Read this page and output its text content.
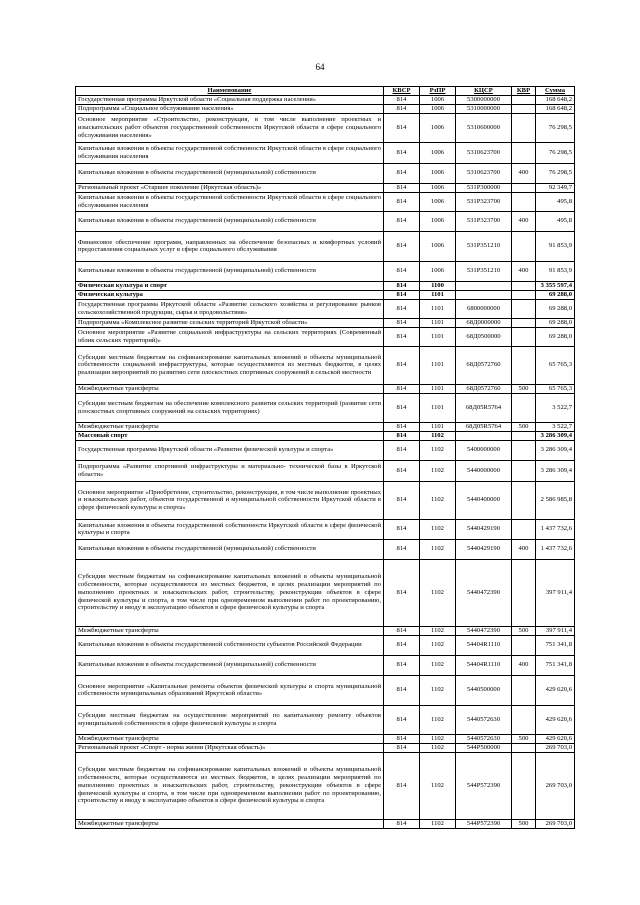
64
Наименование	КВСР	РзПР	КЦСР	КВР	Сумма
Государственная программа Иркутской области «Социальная поддержка населения»	814	1006	5300000000		168 648,2
Подпрограмма «Социальное обслуживание населения»	814	1006	5310000000		168 648,2
Основное мероприятие «Строительство, реконструкция, в том числе выполнение проектных и изыскательских работ объектов государственной собственности Иркутской области в сфере социального обслуживания населения»	814	1006	5310600000		76 298,5
Капитальные вложения в объекты государственной собственности Иркутской области в сфере социального обслуживания населения	814	1006	5310623700		76 298,5
Капитальные вложения в объекты государственной (муниципальной) собственности	814	1006	5310623700	400	76 298,5
Региональный проект «Старшее поколение (Иркутская область)»	814	1006	531P300000		92 349,7
Капитальные вложения в объекты государственной собственности Иркутской области в сфере социального обслуживания населения	814	1006	531P323700		495,8
Капитальные вложения в объекты государственной (муниципальной) собственности	814	1006	531P323700	400	495,8
Финансовое обеспечение программ, направленных на обеспечение безопасных и комфортных условий предоставления социальных услуг в сфере социального обслуживания	814	1006	531P351210		91 853,9
Капитальные вложения в объекты государственной (муниципальной) собственности	814	1006	531P351210	400	91 853,9
Физическая культура и спорт	814	1100			3 355 597,4
Физическая культура	814	1101			69 288,0
Государственная программа Иркутской области «Развитие сельского хозяйства и регулирование рынков сельскохозяйственной продукции, сырья и продовольствия»	814	1101	6800000000		69 288,0
Подпрограмма «Комплексное развитие сельских территорий Иркутской области»	814	1101	68Д0000000		69 288,0
Основное мероприятие «Развитие социальной инфраструктуры на сельских территориях (Современный облик сельских территорий)»	814	1101	68Д0500000		69 288,0
Субсидии местным бюджетам на софинансирование капитальных вложений в объекты муниципальной собственности социальной инфраструктуры, которые осуществляются из местных бюджетов, в целях реализации мероприятий по развитию сети плоскостных спортивных сооружений в сельской местности	814	1101	68Д0572760		65 765,3
Межбюджетные трансферты	814	1101	68Д0572760	500	65 765,3
Субсидии местным бюджетам на обеспечение комплексного развития сельских территорий (развитие сети плоскостных спортивных сооружений на сельских территориях)	814	1101	68Д05R5764		3 522,7
Межбюджетные трансферты	814	1101	68Д05R5764	500	3 522,7
Массовый спорт	814	1102			3 286 309,4
Государственная программа Иркутской области «Развитие физической культуры и спорта»	814	1102	5400000000		3 286 309,4
Подпрограмма «Развитие спортивной инфраструктуры и материально- технической базы в Иркутской области»	814	1102	5440000000		3 286 309,4
Основное мероприятие «Приобретение, строительство, реконструкция, в том числе выполнение проектных и изыскательских работ, объектов государственной и муниципальной собственности Иркутской области в сфере физической культуры и спорта»	814	1102	5440400000		2 586 985,8
Капитальные вложения в объекты государственной собственности Иркутской области в сфере физической культуры и спорта	814	1102	5440429190		1 437 732,6
Капитальные вложения в объекты государственной (муниципальной) собственности	814	1102	5440429190	400	1 437 732,6
Субсидии местным бюджетам на софинансирование капитальных вложений в объекты муниципальной собственности, которые осуществляются из местных бюджетов, в целях реализации мероприятий по выполнению проектных и изыскательских работ, строительству, реконструкции объектов в сфере физической культуры и спорта, в том числе при одновременном выполнении работ по проектированию, строительству и вводу в эксплуатацию объектов в сфере физической культуры и спорта	814	1102	5440472390		397 911,4
Межбюджетные трансферты	814	1102	5440472390	500	397 911,4
Капитальные вложения в объекты государственной собственности субъектов Российской Федерации	814	1102	54404R1110		751 341,8
Капитальные вложения в объекты государственной (муниципальной) собственности	814	1102	54404R1110	400	751 341,8
Основное мероприятие «Капитальные ремонты объектов физической культуры и спорта муниципальной собственности муниципальных образований Иркутской области»	814	1102	5440500000		429 620,6
Субсидии местным бюджетам на осуществление мероприятий по капитальному ремонту объектов муниципальной собственности в сфере физической культуры и спорта	814	1102	5440572630		429 620,6
Межбюджетные трансферты	814	1102	5440572630	500	429 620,6
Региональный проект «Спорт - норма жизни (Иркутская область)»	814	1102	544P500000		269 703,0
Субсидии местным бюджетам на софинансирование капитальных вложений в объекты муниципальной собственности, которые осуществляются из местных бюджетов, в целях реализации мероприятий по выполнению проектных и изыскательских работ, строительству, реконструкции объектов в сфере физической культуры и спорта, в том числе при одновременном выполнении работ по проектированию, строительству и вводу в эксплуатацию объектов в сфере физической культуры и спорта	814	1102	544P572390		269 703,0
Межбюджетные трансферты	814	1102	544P572390	500	269 703,0
